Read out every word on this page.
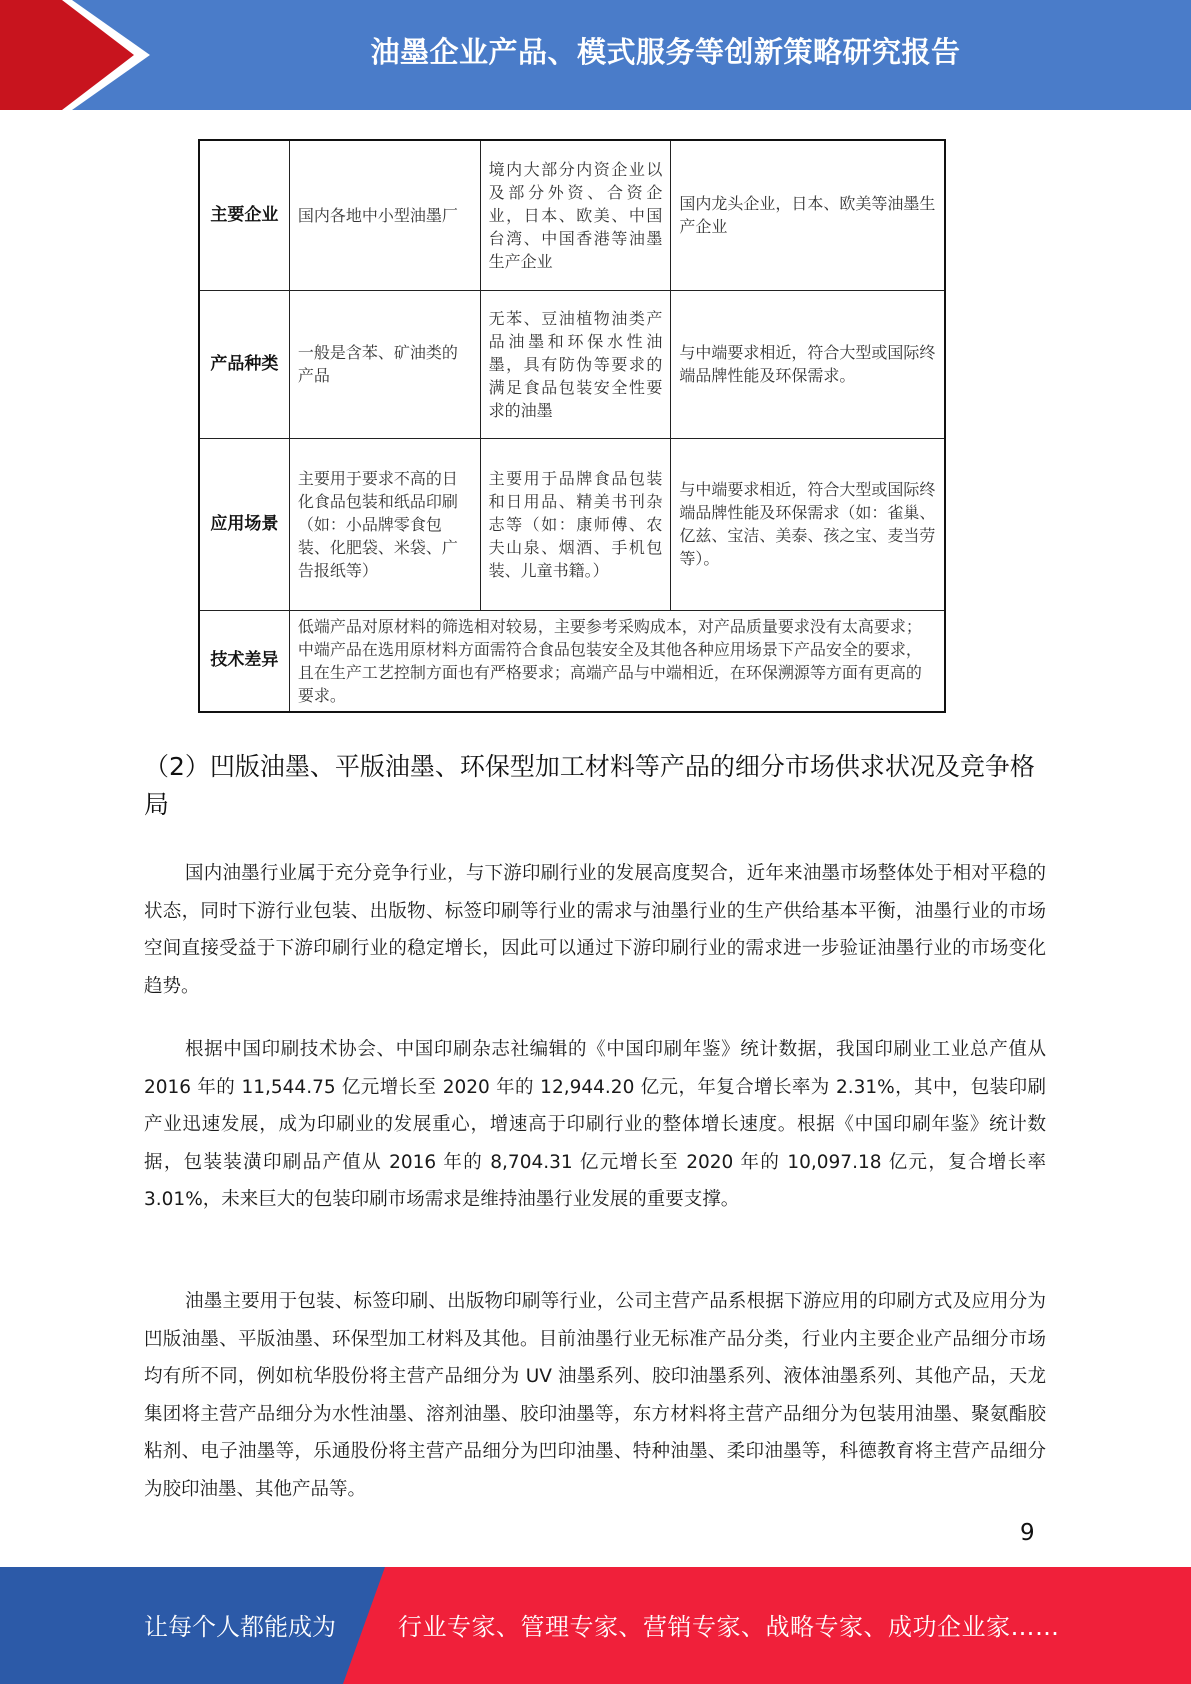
油墨企业产品、模式服务等创新策略研究报告
主要企业	国内各地中小型油墨厂	境内大部分内资企业以及部分外资、合资企业，日本、欧美、中国台湾、中国香港等油墨生产企业	国内龙头企业，日本、欧美等油墨生产企业
产品种类	一般是含苯、矿油类的产品	无苯、豆油植物油类产品油墨和环保水性油墨，具有防伪等要求的满足食品包装安全性要求的油墨	与中端要求相近，符合大型或国际终端品牌性能及环保需求。
应用场景	主要用于要求不高的日化食品包装和纸品印刷（如：小品牌零食包装、化肥袋、米袋、广告报纸等）	主要用于品牌食品包装和日用品、精美书刊杂志等（如：康师傅、农夫山泉、烟酒、手机包装、儿童书籍。）	与中端要求相近，符合大型或国际终端品牌性能及环保需求（如：雀巢、亿兹、宝洁、美泰、孩之宝、麦当劳等）。
技术差异	低端产品对原材料的筛选相对较易，主要参考采购成本，对产品质量要求没有太高要求；中端产品在选用原材料方面需符合食品包装安全及其他各种应用场景下产品安全的要求，且在生产工艺控制方面也有严格要求；高端产品与中端相近，在环保溯源等方面有更高的要求。		
（2）凹版油墨、平版油墨、环保型加工材料等产品的细分市场供求状况及竞争格局

国内油墨行业属于充分竞争行业，与下游印刷行业的发展高度契合，近年来油墨市场整体处于相对平稳的状态，同时下游行业包装、出版物、标签印刷等行业的需求与油墨行业的生产供给基本平衡，油墨行业的市场空间直接受益于下游印刷行业的稳定增长，因此可以通过下游印刷行业的需求进一步验证油墨行业的市场变化趋势。

根据中国印刷技术协会、中国印刷杂志社编辑的《中国印刷年鉴》统计数据，我国印刷业工业总产值从 2016 年的 11,544.75 亿元增长至 2020 年的 12,944.20 亿元，年复合增长率为 2.31%，其中，包装印刷产业迅速发展，成为印刷业的发展重心，增速高于印刷行业的整体增长速度。根据《中国印刷年鉴》统计数据，包装装潢印刷品产值从 2016 年的 8,704.31 亿元增长至 2020 年的 10,097.18 亿元，复合增长率 3.01%，未来巨大的包装印刷市场需求是维持油墨行业发展的重要支撑。

油墨主要用于包装、标签印刷、出版物印刷等行业，公司主营产品系根据下游应用的印刷方式及应用分为凹版油墨、平版油墨、环保型加工材料及其他。目前油墨行业无标准产品分类，行业内主要企业产品细分市场均有所不同，例如杭华股份将主营产品细分为 UV 油墨系列、胶印油墨系列、液体油墨系列、其他产品，天龙集团将主营产品细分为水性油墨、溶剂油墨、胶印油墨等，东方材料将主营产品细分为包装用油墨、聚氨酯胶粘剂、电子油墨等，乐通股份将主营产品细分为凹印油墨、特种油墨、柔印油墨等，科德教育将主营产品细分为胶印油墨、其他产品等。

9
让每个人都能成为	行业专家、管理专家、营销专家、战略专家、成功企业家……
